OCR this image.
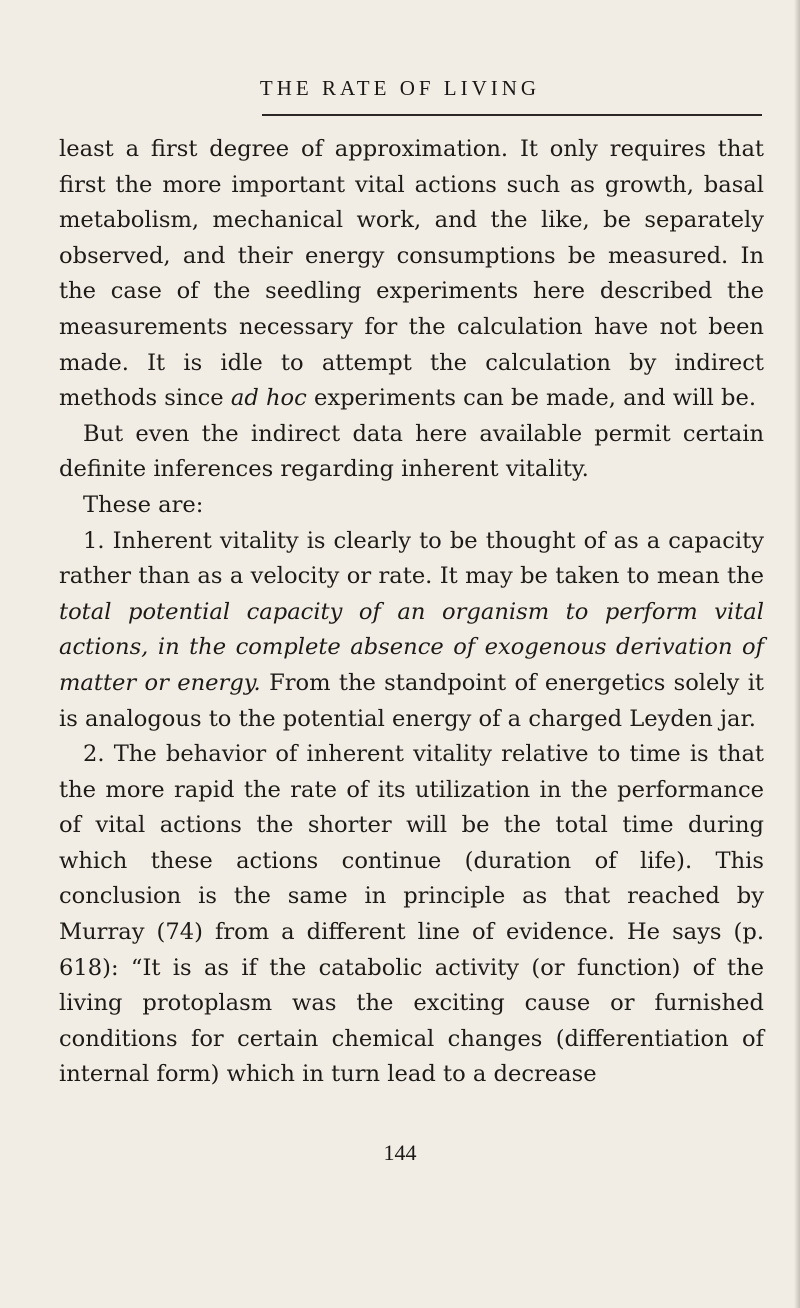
THE RATE OF LIVING

least a first degree of approximation. It only requires that first the more important vital actions such as growth, basal metabolism, mechanical work, and the like, be separately observed, and their energy consumptions be measured. In the case of the seedling experiments here described the measurements necessary for the calculation have not been made. It is idle to attempt the calculation by indirect methods since ad hoc experiments can be made, and will be.

But even the indirect data here available permit certain definite inferences regarding inherent vitality.

These are:

1. Inherent vitality is clearly to be thought of as a capacity rather than as a velocity or rate. It may be taken to mean the total potential capacity of an organism to perform vital actions, in the complete absence of exogenous derivation of matter or energy. From the standpoint of energetics solely it is analogous to the potential energy of a charged Leyden jar.

2. The behavior of inherent vitality relative to time is that the more rapid the rate of its utilization in the performance of vital actions the shorter will be the total time during which these actions continue (duration of life). This conclusion is the same in principle as that reached by Murray (74) from a different line of evidence. He says (p. 618): “It is as if the catabolic activity (or function) of the living protoplasm was the exciting cause or furnished conditions for certain chemical changes (differentiation of internal form) which in turn lead to a decrease

144
